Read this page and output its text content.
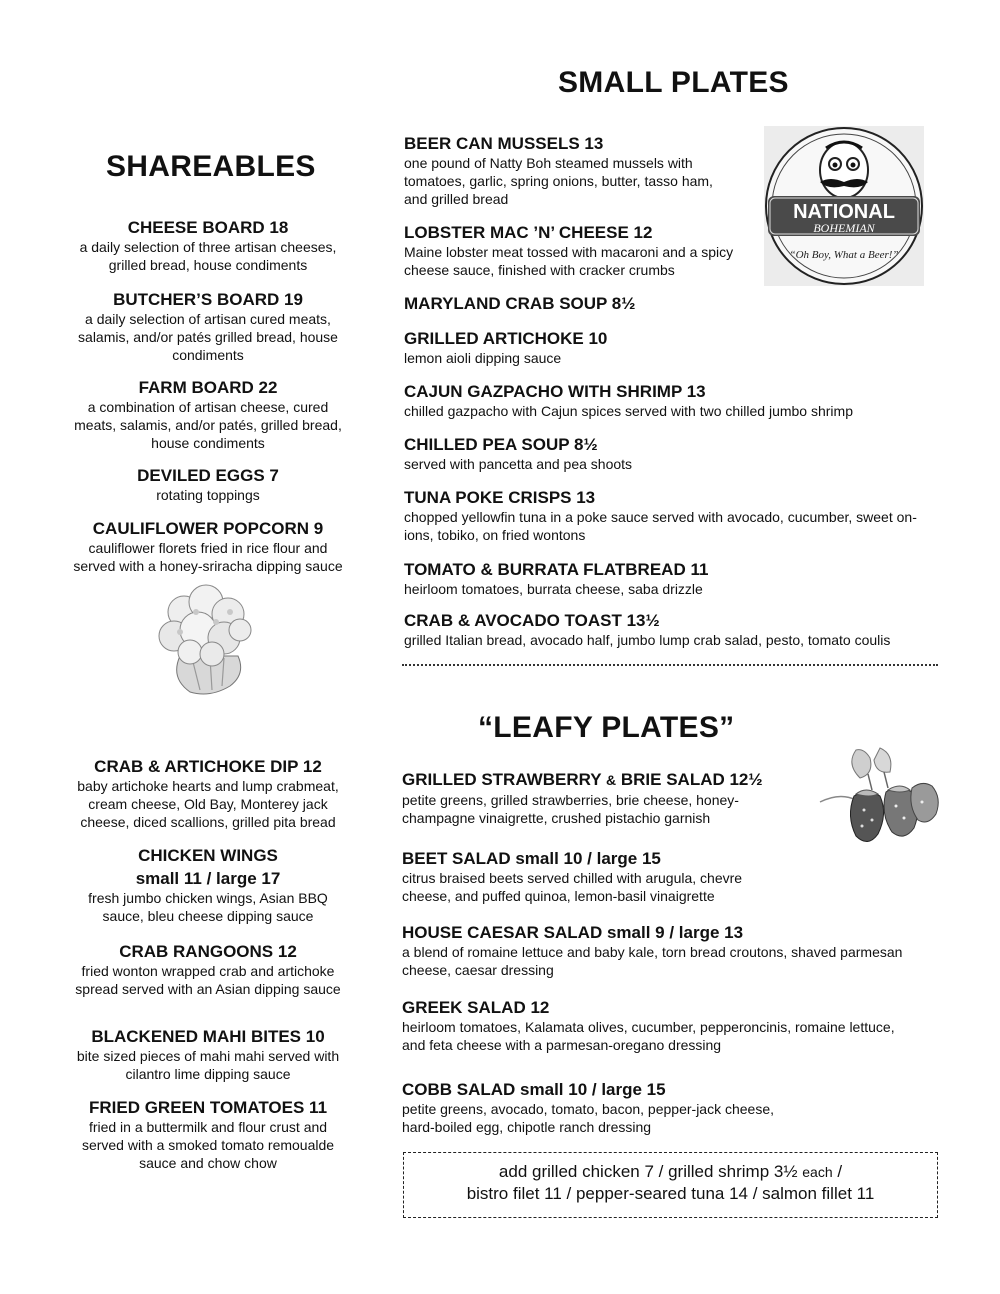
SHAREABLES
CHEESE BOARD 18
a daily selection of three artisan cheeses,
grilled bread, house condiments
BUTCHER’S BOARD 19
a daily selection of artisan cured meats,
salamis, and/or patés grilled bread, house
condiments
FARM BOARD 22
a combination of artisan cheese, cured
meats, salamis, and/or patés, grilled bread,
house condiments
DEVILED EGGS 7
rotating toppings
CAULIFLOWER POPCORN 9
cauliflower florets fried in rice flour and
served with a honey-sriracha dipping sauce
CRAB & ARTICHOKE DIP 12
baby artichoke hearts and lump crabmeat,
cream cheese, Old Bay, Monterey jack
cheese, diced scallions, grilled pita bread
CHICKEN WINGS
small 11 / large 17
fresh jumbo chicken wings, Asian BBQ
sauce, bleu cheese dipping sauce
CRAB RANGOONS 12
fried wonton wrapped crab and artichoke
spread served with an Asian dipping sauce
BLACKENED MAHI BITES 10
bite sized pieces of mahi mahi served with
cilantro lime dipping sauce
FRIED GREEN TOMATOES 11
fried in a buttermilk and flour crust and
served with a smoked tomato remoualde
sauce and chow chow
SMALL PLATES
NATIONAL
BOHEMIAN
“Oh Boy, What a Beer!”
BEER CAN MUSSELS 13
one pound of Natty Boh steamed mussels with
tomatoes, garlic, spring onions, butter, tasso ham,
and grilled bread
LOBSTER MAC ’N’ CHEESE 12
Maine lobster meat tossed with macaroni and a spicy
cheese sauce, finished with cracker crumbs
MARYLAND CRAB SOUP 8½
GRILLED ARTICHOKE 10
lemon aioli dipping sauce
CAJUN GAZPACHO WITH SHRIMP 13
chilled gazpacho with Cajun spices served with two chilled jumbo shrimp
CHILLED PEA SOUP 8½
served with pancetta and pea shoots
TUNA POKE CRISPS 13
chopped yellowfin tuna in a poke sauce served with avocado, cucumber, sweet on-
ions, tobiko, on fried wontons
TOMATO & BURRATA FLATBREAD 11
heirloom tomatoes, burrata cheese, saba drizzle
CRAB & AVOCADO TOAST 13½
grilled Italian bread, avocado half, jumbo lump crab salad, pesto, tomato coulis
“LEAFY PLATES”
GRILLED STRAWBERRY & BRIE SALAD 12½
petite greens, grilled strawberries, brie cheese, honey-
champagne vinaigrette, crushed pistachio garnish
BEET SALAD small 10 / large 15
citrus braised beets served chilled with arugula, chevre
cheese, and puffed quinoa, lemon-basil vinaigrette
HOUSE CAESAR SALAD small 9 / large 13
a blend of romaine lettuce and baby kale, torn bread croutons, shaved parmesan
cheese, caesar dressing
GREEK SALAD 12
heirloom tomatoes, Kalamata olives, cucumber, pepperoncinis, romaine lettuce,
and feta cheese with a parmesan-oregano dressing
COBB SALAD small 10 / large 15
petite greens, avocado, tomato, bacon, pepper-jack cheese,
hard-boiled egg, chipotle ranch dressing
add grilled chicken 7 / grilled shrimp 3½ each /
bistro filet 11 / pepper-seared tuna 14 / salmon fillet 11
